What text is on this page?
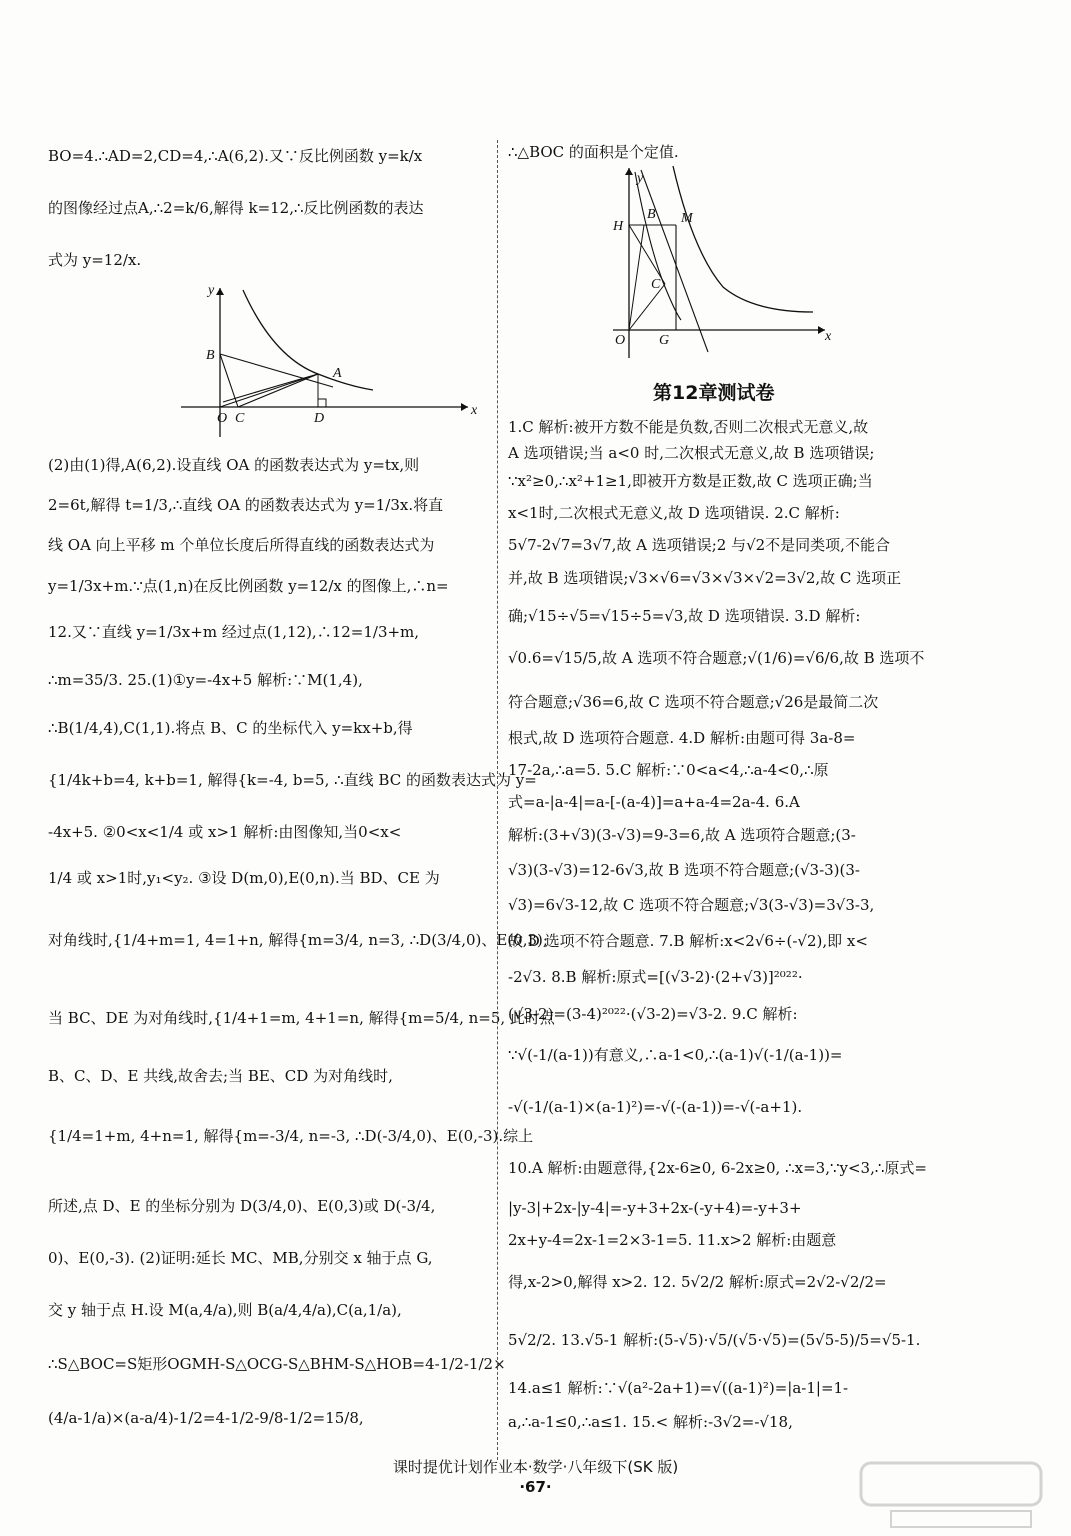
BO=4.∴AD=2,CD=4,∴A(6,2).又∵反比例函数 y=k/x
的图像经过点A,∴2=k/6,解得 k=12,∴反比例函数的表达
式为 y=12/x.
y
B
A
O C	D
x
(2)由(1)得,A(6,2).设直线 OA 的函数表达式为 y=tx,则
2=6t,解得 t=1/3,∴直线 OA 的函数表达式为 y=1/3x.将直
线 OA 向上平移 m 个单位长度后所得直线的函数表达式为
y=1/3x+m.∵点(1,n)在反比例函数 y=12/x 的图像上,∴n=
12.又∵直线 y=1/3x+m 经过点(1,12),∴12=1/3+m,
∴m=35/3. 25.(1)①y=-4x+5 解析:∵M(1,4),
∴B(1/4,4),C(1,1).将点 B、C 的坐标代入 y=kx+b,得
{1/4k+b=4, k+b=1, 解得{k=-4, b=5, ∴直线 BC 的函数表达式为 y=
-4x+5. ②0<x<1/4 或 x>1 解析:由图像知,当0<x<
1/4 或 x>1时,y₁<y₂. ③设 D(m,0),E(0,n).当 BD、CE 为
对角线时,{1/4+m=1, 4=1+n, 解得{m=3/4, n=3, ∴D(3/4,0)、E(0,3);
当 BC、DE 为对角线时,{1/4+1=m, 4+1=n, 解得{m=5/4, n=5, 此时点
B、C、D、E 共线,故舍去;当 BE、CD 为对角线时,
{1/4=1+m, 4+n=1, 解得{m=-3/4, n=-3, ∴D(-3/4,0)、E(0,-3).综上
所述,点 D、E 的坐标分别为 D(3/4,0)、E(0,3)或 D(-3/4,
0)、E(0,-3). (2)证明:延长 MC、MB,分别交 x 轴于点 G,
交 y 轴于点 H.设 M(a,4/a),则 B(a/4,4/a),C(a,1/a),
∴S△BOC=S矩形OGMH-S△OCG-S△BHM-S△HOB=4-1/2-1/2×
(4/a-1/a)×(a-a/4)-1/2=4-1/2-9/8-1/2=15/8,
∴△BOC 的面积是个定值.
y
H
B M
C
O G	x
第12章测试卷
1.C 解析:被开方数不能是负数,否则二次根式无意义,故
A 选项错误;当 a<0 时,二次根式无意义,故 B 选项错误;
∵x²≥0,∴x²+1≥1,即被开方数是正数,故 C 选项正确;当
x<1时,二次根式无意义,故 D 选项错误. 2.C 解析:
5√7-2√7=3√7,故 A 选项错误;2 与√2不是同类项,不能合
并,故 B 选项错误;√3×√6=√3×√3×√2=3√2,故 C 选项正
确;√15÷√5=√15÷5=√3,故 D 选项错误. 3.D 解析:
√0.6=√15/5,故 A 选项不符合题意;√(1/6)=√6/6,故 B 选项不
符合题意;√36=6,故 C 选项不符合题意;√26是最简二次
根式,故 D 选项符合题意. 4.D 解析:由题可得 3a-8=
17-2a,∴a=5. 5.C 解析:∵0<a<4,∴a-4<0,∴原
式=a-|a-4|=a-[-(a-4)]=a+a-4=2a-4. 6.A
解析:(3+√3)(3-√3)=9-3=6,故 A 选项符合题意;(3-
√3)(3-√3)=12-6√3,故 B 选项不符合题意;(√3-3)(3-
√3)=6√3-12,故 C 选项不符合题意;√3(3-√3)=3√3-3,
故 D 选项不符合题意. 7.B 解析:x<2√6÷(-√2),即 x<
-2√3. 8.B 解析:原式=[(√3-2)·(2+√3)]²⁰²²·
(√3-2)=(3-4)²⁰²²·(√3-2)=√3-2. 9.C 解析:
∵√(-1/(a-1))有意义,∴a-1<0,∴(a-1)√(-1/(a-1))=
-√(-1/(a-1)×(a-1)²)=-√(-(a-1))=-√(-a+1).
10.A 解析:由题意得,{2x-6≥0, 6-2x≥0, ∴x=3,∵y<3,∴原式=
|y-3|+2x-|y-4|=-y+3+2x-(-y+4)=-y+3+
2x+y-4=2x-1=2×3-1=5. 11.x>2 解析:由题意
得,x-2>0,解得 x>2. 12. 5√2/2 解析:原式=2√2-√2/2=
5√2/2. 13.√5-1 解析:(5-√5)·√5/(√5·√5)=(5√5-5)/5=√5-1.
14.a≤1 解析:∵√(a²-2a+1)=√((a-1)²)=|a-1|=1-
a,∴a-1≤0,∴a≤1. 15.< 解析:-3√2=-√18,
课时提优计划作业本·数学·八年级下(SK 版)
·67·
